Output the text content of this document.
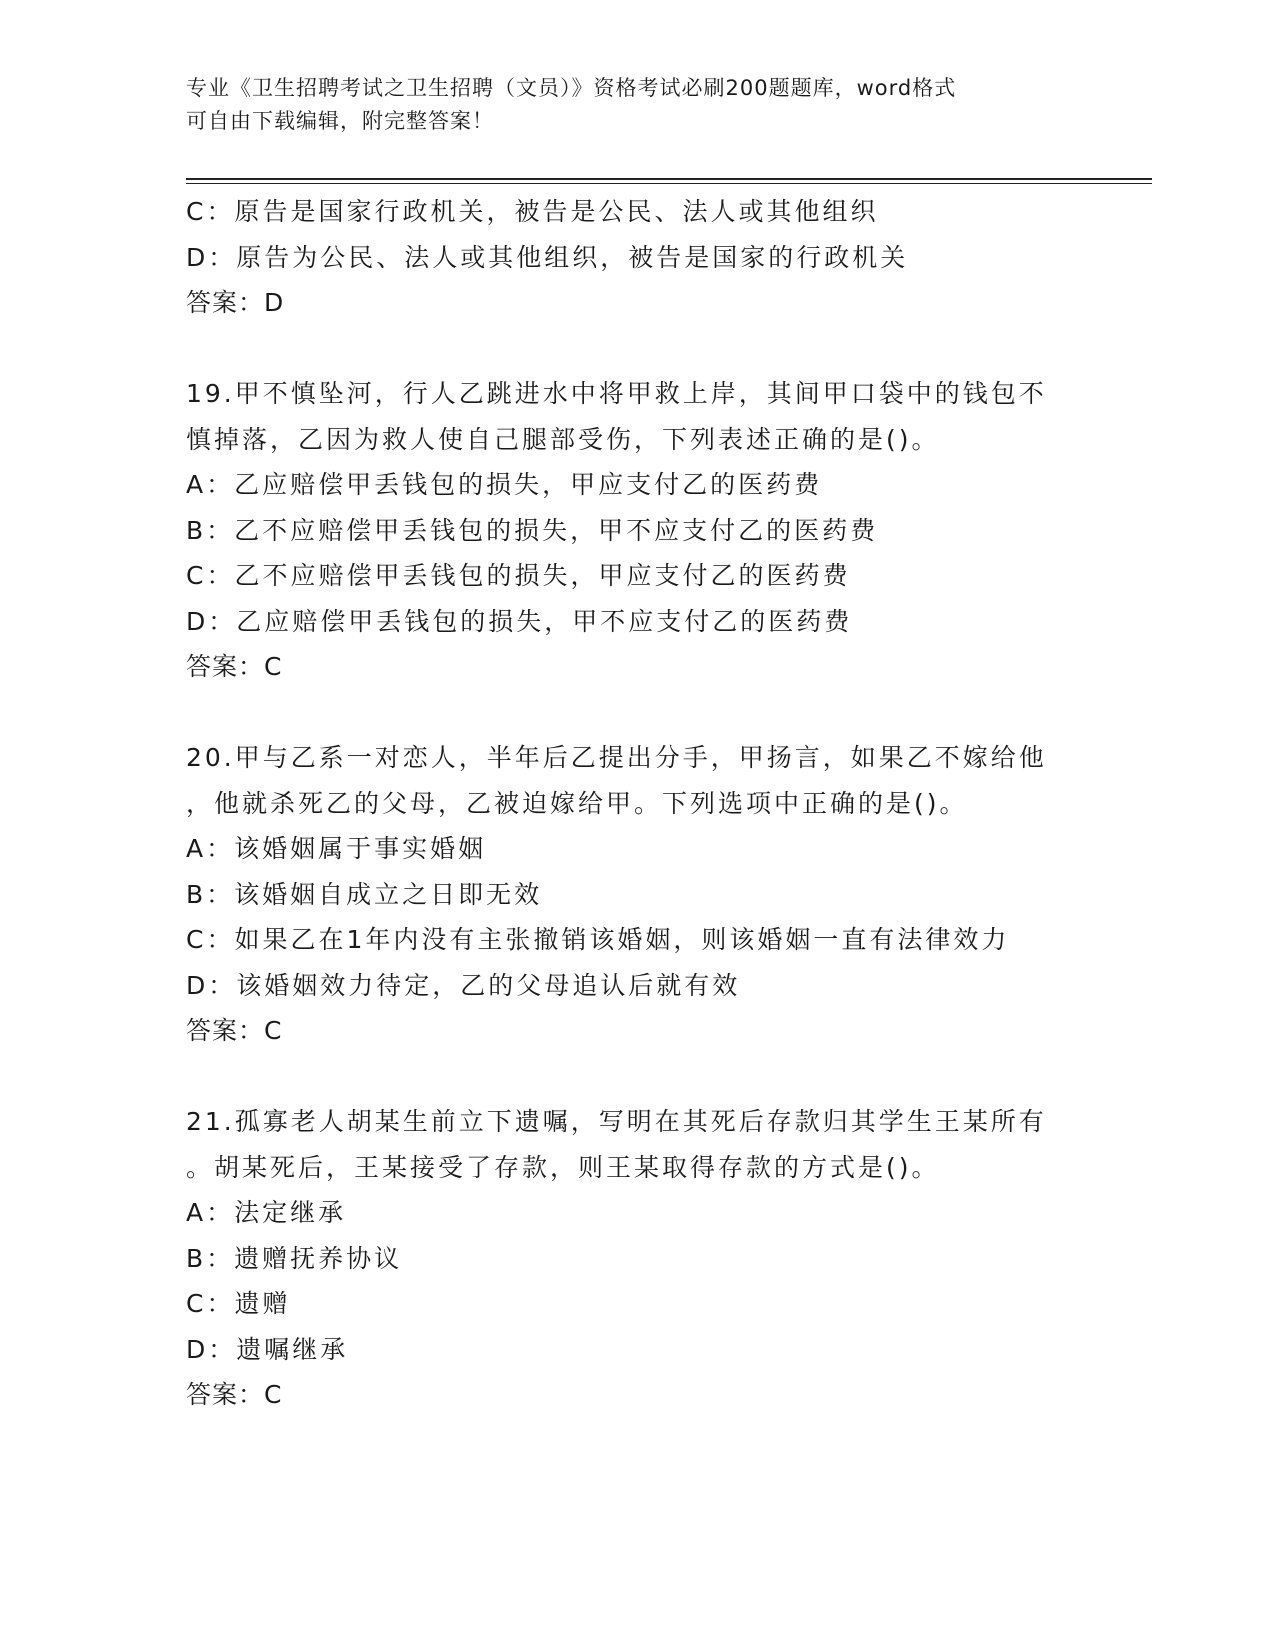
专业《卫生招聘考试之卫生招聘（文员）》资格考试必刷200题题库，word格式
可自由下载编辑，附完整答案！
C：原告是国家行政机关，被告是公民、法人或其他组织
D：原告为公民、法人或其他组织，被告是国家的行政机关
答案：D
19.甲不慎坠河，行人乙跳进水中将甲救上岸，其间甲口袋中的钱包不
慎掉落，乙因为救人使自己腿部受伤，下列表述正确的是()。
A：乙应赔偿甲丢钱包的损失，甲应支付乙的医药费
B：乙不应赔偿甲丢钱包的损失，甲不应支付乙的医药费
C：乙不应赔偿甲丢钱包的损失，甲应支付乙的医药费
D：乙应赔偿甲丢钱包的损失，甲不应支付乙的医药费
答案：C
20.甲与乙系一对恋人，半年后乙提出分手，甲扬言，如果乙不嫁给他
，他就杀死乙的父母，乙被迫嫁给甲。下列选项中正确的是()。
A：该婚姻属于事实婚姻
B：该婚姻自成立之日即无效
C：如果乙在1年内没有主张撤销该婚姻，则该婚姻一直有法律效力
D：该婚姻效力待定，乙的父母追认后就有效
答案：C
21.孤寡老人胡某生前立下遗嘱，写明在其死后存款归其学生王某所有
。胡某死后，王某接受了存款，则王某取得存款的方式是()。
A：法定继承
B：遗赠抚养协议
C：遗赠
D：遗嘱继承
答案：C
